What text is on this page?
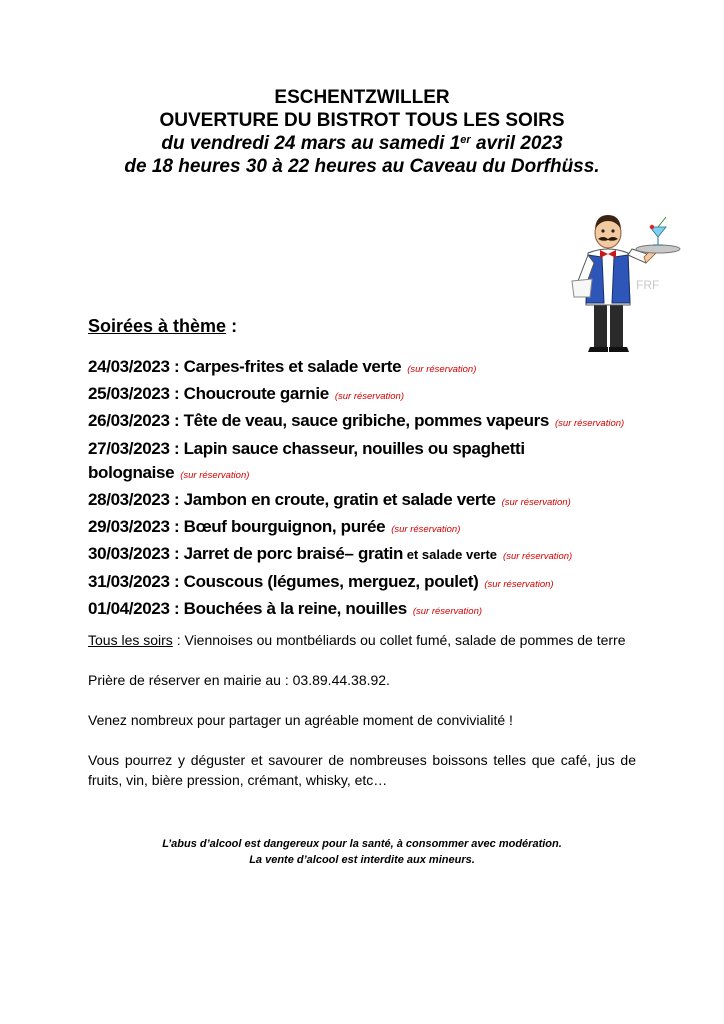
ESCHENTZWILLER
OUVERTURE DU BISTROT TOUS LES SOIRS
du vendredi 24 mars au samedi 1er avril 2023
de 18 heures 30 à 22 heures au Caveau du Dorfhüss.
FRF
Soirées à thème :
24/03/2023 : Carpes-frites et salade verte (sur réservation)
25/03/2023 : Choucroute garnie (sur réservation)
26/03/2023 : Tête de veau, sauce gribiche, pommes vapeurs (sur réservation)
27/03/2023 : Lapin sauce chasseur, nouilles ou spaghetti
bolognaise (sur réservation)
28/03/2023 : Jambon en croute, gratin et salade verte (sur réservation)
29/03/2023 : Bœuf bourguignon, purée (sur réservation)
30/03/2023 : Jarret de porc braisé– gratin et salade verte (sur réservation)
31/03/2023 : Couscous (légumes, merguez, poulet) (sur réservation)
01/04/2023 : Bouchées à la reine, nouilles (sur réservation)
Tous les soirs : Viennoises ou montbéliards ou collet fumé, salade de pommes de terre
Prière de réserver en mairie au : 03.89.44.38.92.
Venez nombreux pour partager un agréable moment de convivialité !
Vous pourrez y déguster et savourer de nombreuses boissons telles que café, jus de fruits, vin, bière pression, crémant, whisky, etc…
L’abus d’alcool est dangereux pour la santé, à consommer avec modération.
La vente d’alcool est interdite aux mineurs.
